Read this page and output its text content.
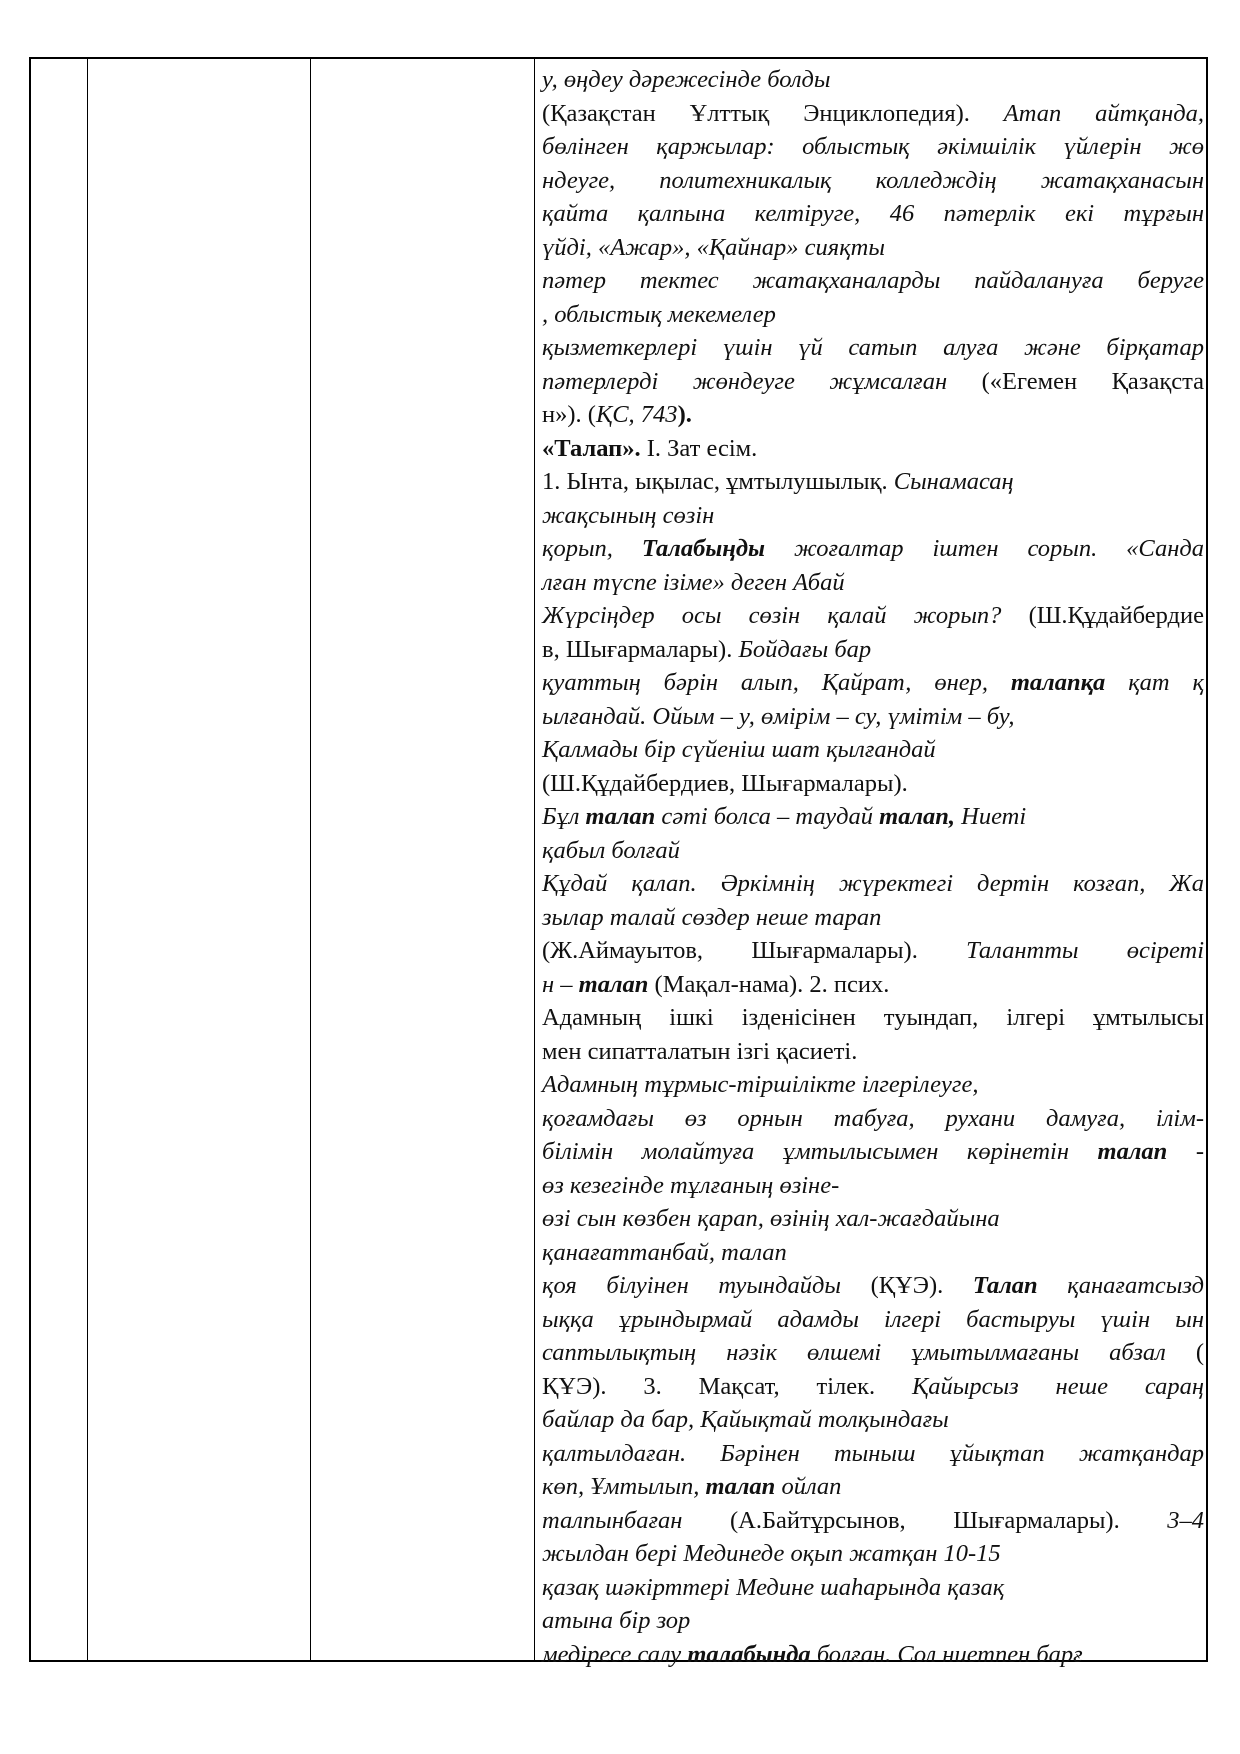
у, өңдеу дәрежесінде болды
(Қазақстан Ұлттық Энциклопедия). Атап айтқанда,
бөлінген қаржылар: облыстық әкімшілік үйлерін жө
ндеуге, политехникалық колледждің жатақханасын
қайта қалпына келтіруге, 46 пәтерлік екі тұрғын
үйді, «Ажар», «Қайнар» сияқты
пәтер тектес жатақханаларды пайдалануға беруге
, облыстық мекемелер
қызметкерлері үшін үй сатып алуға және бірқатар
пәтерлерді жөндеуге жұмсалған («Егемен Қазақста
н»). (ҚС, 743).
«Талап». І. Зат есім.
1. Ынта, ықылас, ұмтылушылық. Сынамасаң
жақсының сөзін
қорып, Талабыңды жоғалтар іштен сорып. «Санда
лған түспе ізіме» деген Абай
Жүрсіңдер осы сөзін қалай жорып? (Ш.Құдайбердие
в, Шығармалары). Бойдағы бар
қуаттың бәрін алып, Қайрат, өнер, талапқа қат қ
ылғандай. Ойым – у, өмірім – су, үмітім – бу,
Қалмады бір сүйеніш шат қылғандай
(Ш.Құдайбердиев, Шығармалары).
Бұл талап сәті болса – таудай талап, Ниеті
қабыл болғай
Құдай қалап. Әркімнің жүректегі дертін козғап, Жа
зылар талай сөздер неше тарап
(Ж.Аймауытов, Шығармалары). Талантты өсіреті
н – талап (Мақал-нама). 2. псих.
Адамның ішкі ізденісінен туындап, ілгері ұмтылысы
мен сипатталатын ізгі қасиеті.
Адамның тұрмыс-тіршілікте ілгерілеуге,
қоғамдағы өз орнын табуға, рухани дамуға, ілім-
білімін молайтуға ұмтылысымен көрінетін талап -
өз кезегінде тұлғаның өзіне-
өзі сын көзбен қарап, өзінің хал-жағдайына
қанағаттанбай, талап
қоя білуінен туындайды (ҚҰЭ). Талап қанағатсызд
ыққа ұрындырмай адамды ілгері бастыруы үшін ын
саптылықтың нәзік өлшемі ұмытылмағаны абзал (
ҚҰЭ). 3. Мақсат, тілек. Қайырсыз неше сараң
байлар да бар, Қайықтай толқындағы
қалтылдаған. Бәрінен тыныш ұйықтап жатқандар
көп, Ұмтылып, талап ойлап
талпынбаған (А.Байтұрсынов, Шығармалары). 3–4
жылдан бері Мединеде оқып жатқан 10-15
қазақ шәкірттері Медине шаһарында қазақ
атына бір зор
медіресе салу талабында болған. Сол ниетпен барғ
